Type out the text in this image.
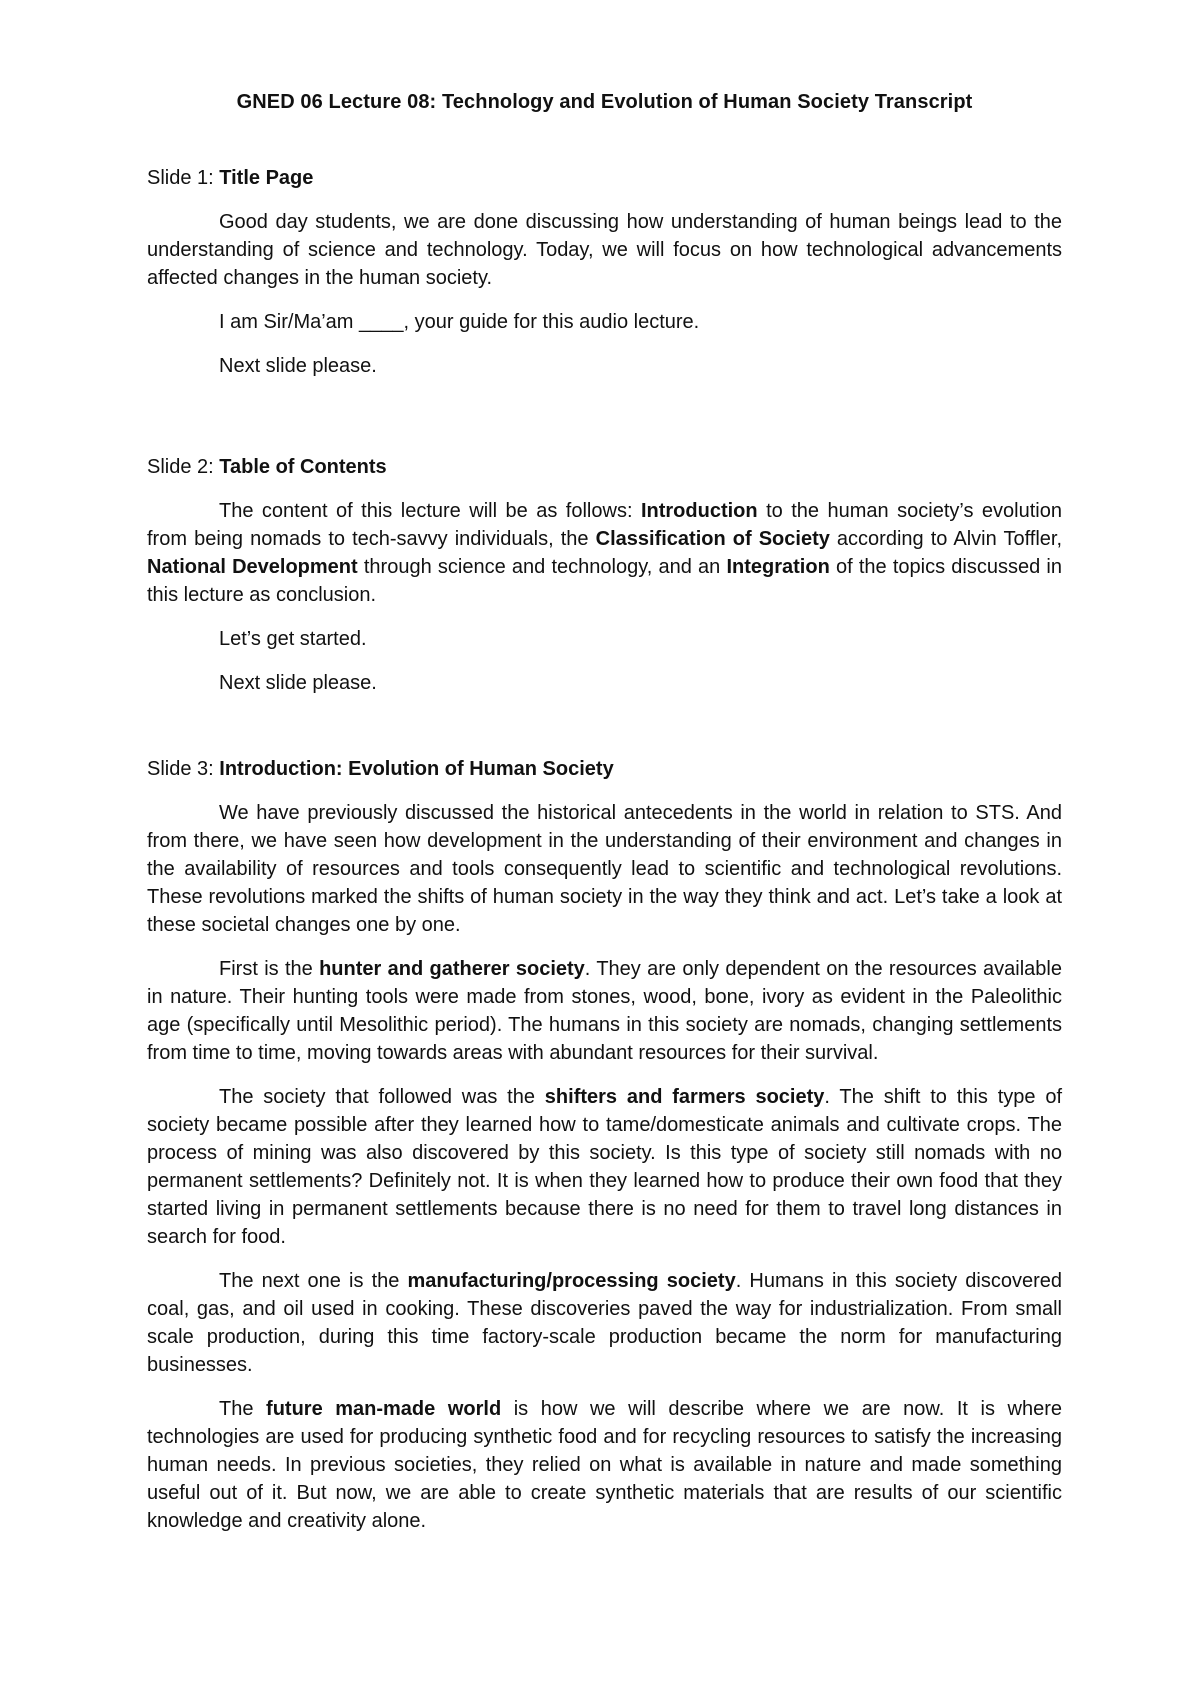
GNED 06 Lecture 08: Technology and Evolution of Human Society Transcript
Slide 1: Title Page

Good day students, we are done discussing how understanding of human beings lead to the understanding of science and technology. Today, we will focus on how technological advancements affected changes in the human society.

I am Sir/Ma’am ____, your guide for this audio lecture.

Next slide please.

Slide 2: Table of Contents

The content of this lecture will be as follows: Introduction to the human society’s evolution from being nomads to tech-savvy individuals, the Classification of Society according to Alvin Toffler, National Development through science and technology, and an Integration of the topics discussed in this lecture as conclusion.

Let’s get started.

Next slide please.

Slide 3: Introduction: Evolution of Human Society

We have previously discussed the historical antecedents in the world in relation to STS. And from there, we have seen how development in the understanding of their environment and changes in the availability of resources and tools consequently lead to scientific and technological revolutions. These revolutions marked the shifts of human society in the way they think and act. Let’s take a look at these societal changes one by one.

First is the hunter and gatherer society. They are only dependent on the resources available in nature. Their hunting tools were made from stones, wood, bone, ivory as evident in the Paleolithic age (specifically until Mesolithic period). The humans in this society are nomads, changing settlements from time to time, moving towards areas with abundant resources for their survival.

The society that followed was the shifters and farmers society. The shift to this type of society became possible after they learned how to tame/domesticate animals and cultivate crops. The process of mining was also discovered by this society. Is this type of society still nomads with no permanent settlements? Definitely not. It is when they learned how to produce their own food that they started living in permanent settlements because there is no need for them to travel long distances in search for food.

The next one is the manufacturing/processing society. Humans in this society discovered coal, gas, and oil used in cooking. These discoveries paved the way for industrialization. From small scale production, during this time factory-scale production became the norm for manufacturing businesses.

The future man-made world is how we will describe where we are now. It is where technologies are used for producing synthetic food and for recycling resources to satisfy the increasing human needs. In previous societies, they relied on what is available in nature and made something useful out of it. But now, we are able to create synthetic materials that are results of our scientific knowledge and creativity alone.
